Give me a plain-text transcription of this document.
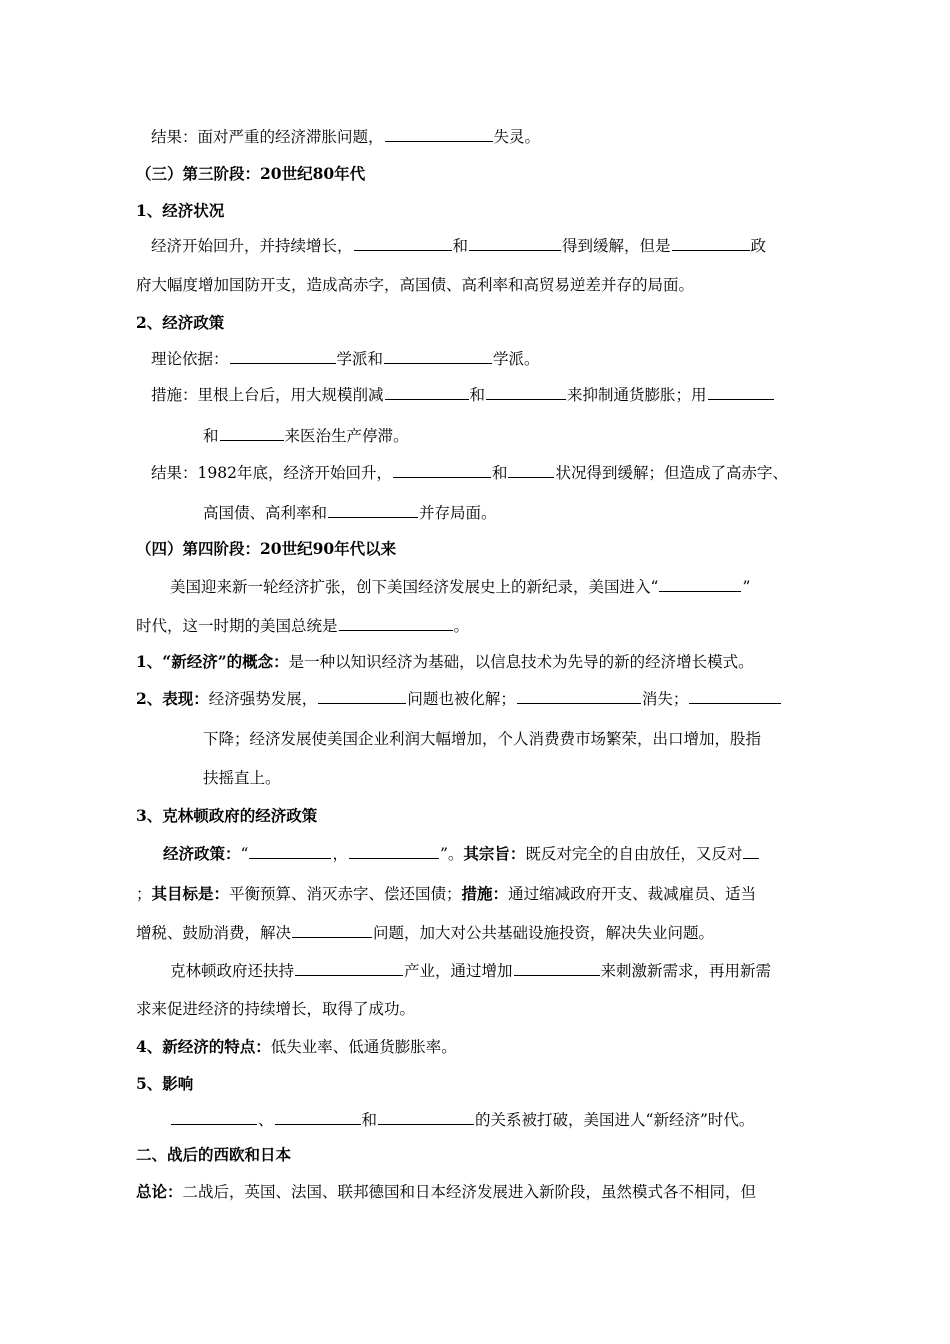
结果：面对严重的经济滞胀问题，	失灵。
（三）第三阶段：20世纪80年代
1、经济状况
经济开始回升，并持续增长，	和	得到缓解，但是	政
府大幅度增加国防开支，造成高赤字，高国债、高利率和高贸易逆差并存的局面。
2、经济政策
理论依据：	学派和	学派。
措施：里根上台后，用大规模削减	和	来抑制通货膨胀；用
和	来医治生产停滞。
结果：1982年底，经济开始回升，	和	状况得到缓解；但造成了高赤字、
高国债、高利率和	并存局面。
（四）第四阶段：20世纪90年代以来
美国迎来新一轮经济扩张，创下美国经济发展史上的新纪录，美国进入“	”
时代，这一时期的美国总统是	。
1、“新经济”的概念：是一种以知识经济为基础，以信息技术为先导的新的经济增长模式。
2、表现：经济强势发展，	问题也被化解；	消失；
下降；经济发展使美国企业利润大幅增加，个人消费费市场繁荣，出口增加，股指
扶摇直上。
3、克林顿政府的经济政策
经济政策：“	，	”。其宗旨：既反对完全的自由放任，又反对
；其目标是：平衡预算、消灭赤字、偿还国债；措施：通过缩减政府开支、裁减雇员、适当
增税、鼓励消费，解决	问题，加大对公共基础设施投资，解决失业问题。
克林顿政府还扶持	产业，通过增加	来刺激新需求，再用新需
求来促进经济的持续增长，取得了成功。
4、新经济的特点：低失业率、低通货膨胀率。
5、影响
、	和	的关系被打破，美国进人“新经济”时代。
二、战后的西欧和日本
总论：二战后，英国、法国、联邦德国和日本经济发展进入新阶段，虽然模式各不相同，但
